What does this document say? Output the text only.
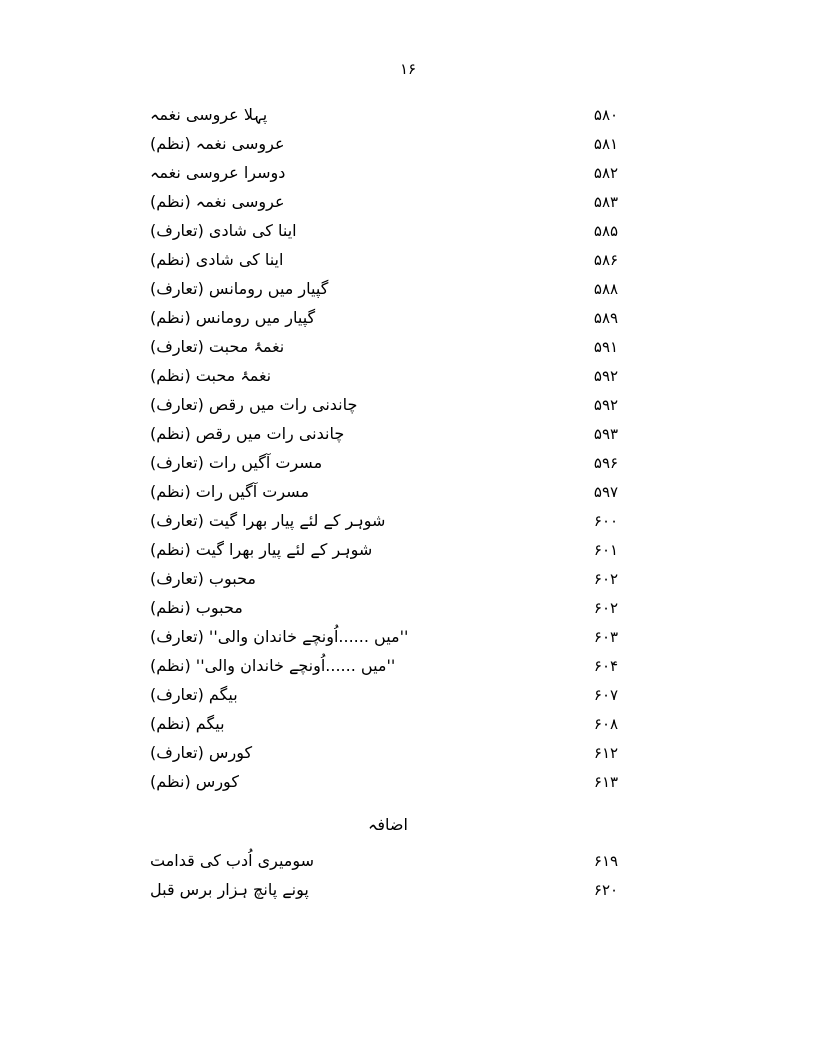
۱۶
۵۸۰
پہلا عروسی نغمہ
۵۸۱
عروسی نغمہ (نظم)
۵۸۲
دوسرا عروسی نغمہ
۵۸۳
عروسی نغمہ (نظم)
۵۸۵
اینا کی شادی (تعارف)
۵۸۶
اینا کی شادی (نظم)
۵۸۸
گپیار میں رومانس (تعارف)
۵۸۹
گپیار میں رومانس (نظم)
۵۹۱
نغمۂ محبت (تعارف)
۵۹۲
نغمۂ محبت (نظم)
۵۹۲
چاندنی رات میں رقص (تعارف)
۵۹۳
چاندنی رات میں رقص (نظم)
۵۹۶
مسرت آگیں رات (تعارف)
۵۹۷
مسرت آگیں رات (نظم)
۶۰۰
شوہر کے لئے پیار بھرا گیت (تعارف)
۶۰۱
شوہر کے لئے پیار بھرا گیت (نظم)
۶۰۲
محبوب (تعارف)
۶۰۲
محبوب (نظم)
۶۰۳
''میں ......اُونچے خاندان والی'' (تعارف)
۶۰۴
''میں ......اُونچے خاندان والی'' (نظم)
۶۰۷
بیگم (تعارف)
۶۰۸
بیگم (نظم)
۶۱۲
کورس (تعارف)
۶۱۳
کورس (نظم)
اضافہ
۶۱۹
سومیری اُدب کی قدامت
۶۲۰
پونے پانچ ہزار برس قبل
